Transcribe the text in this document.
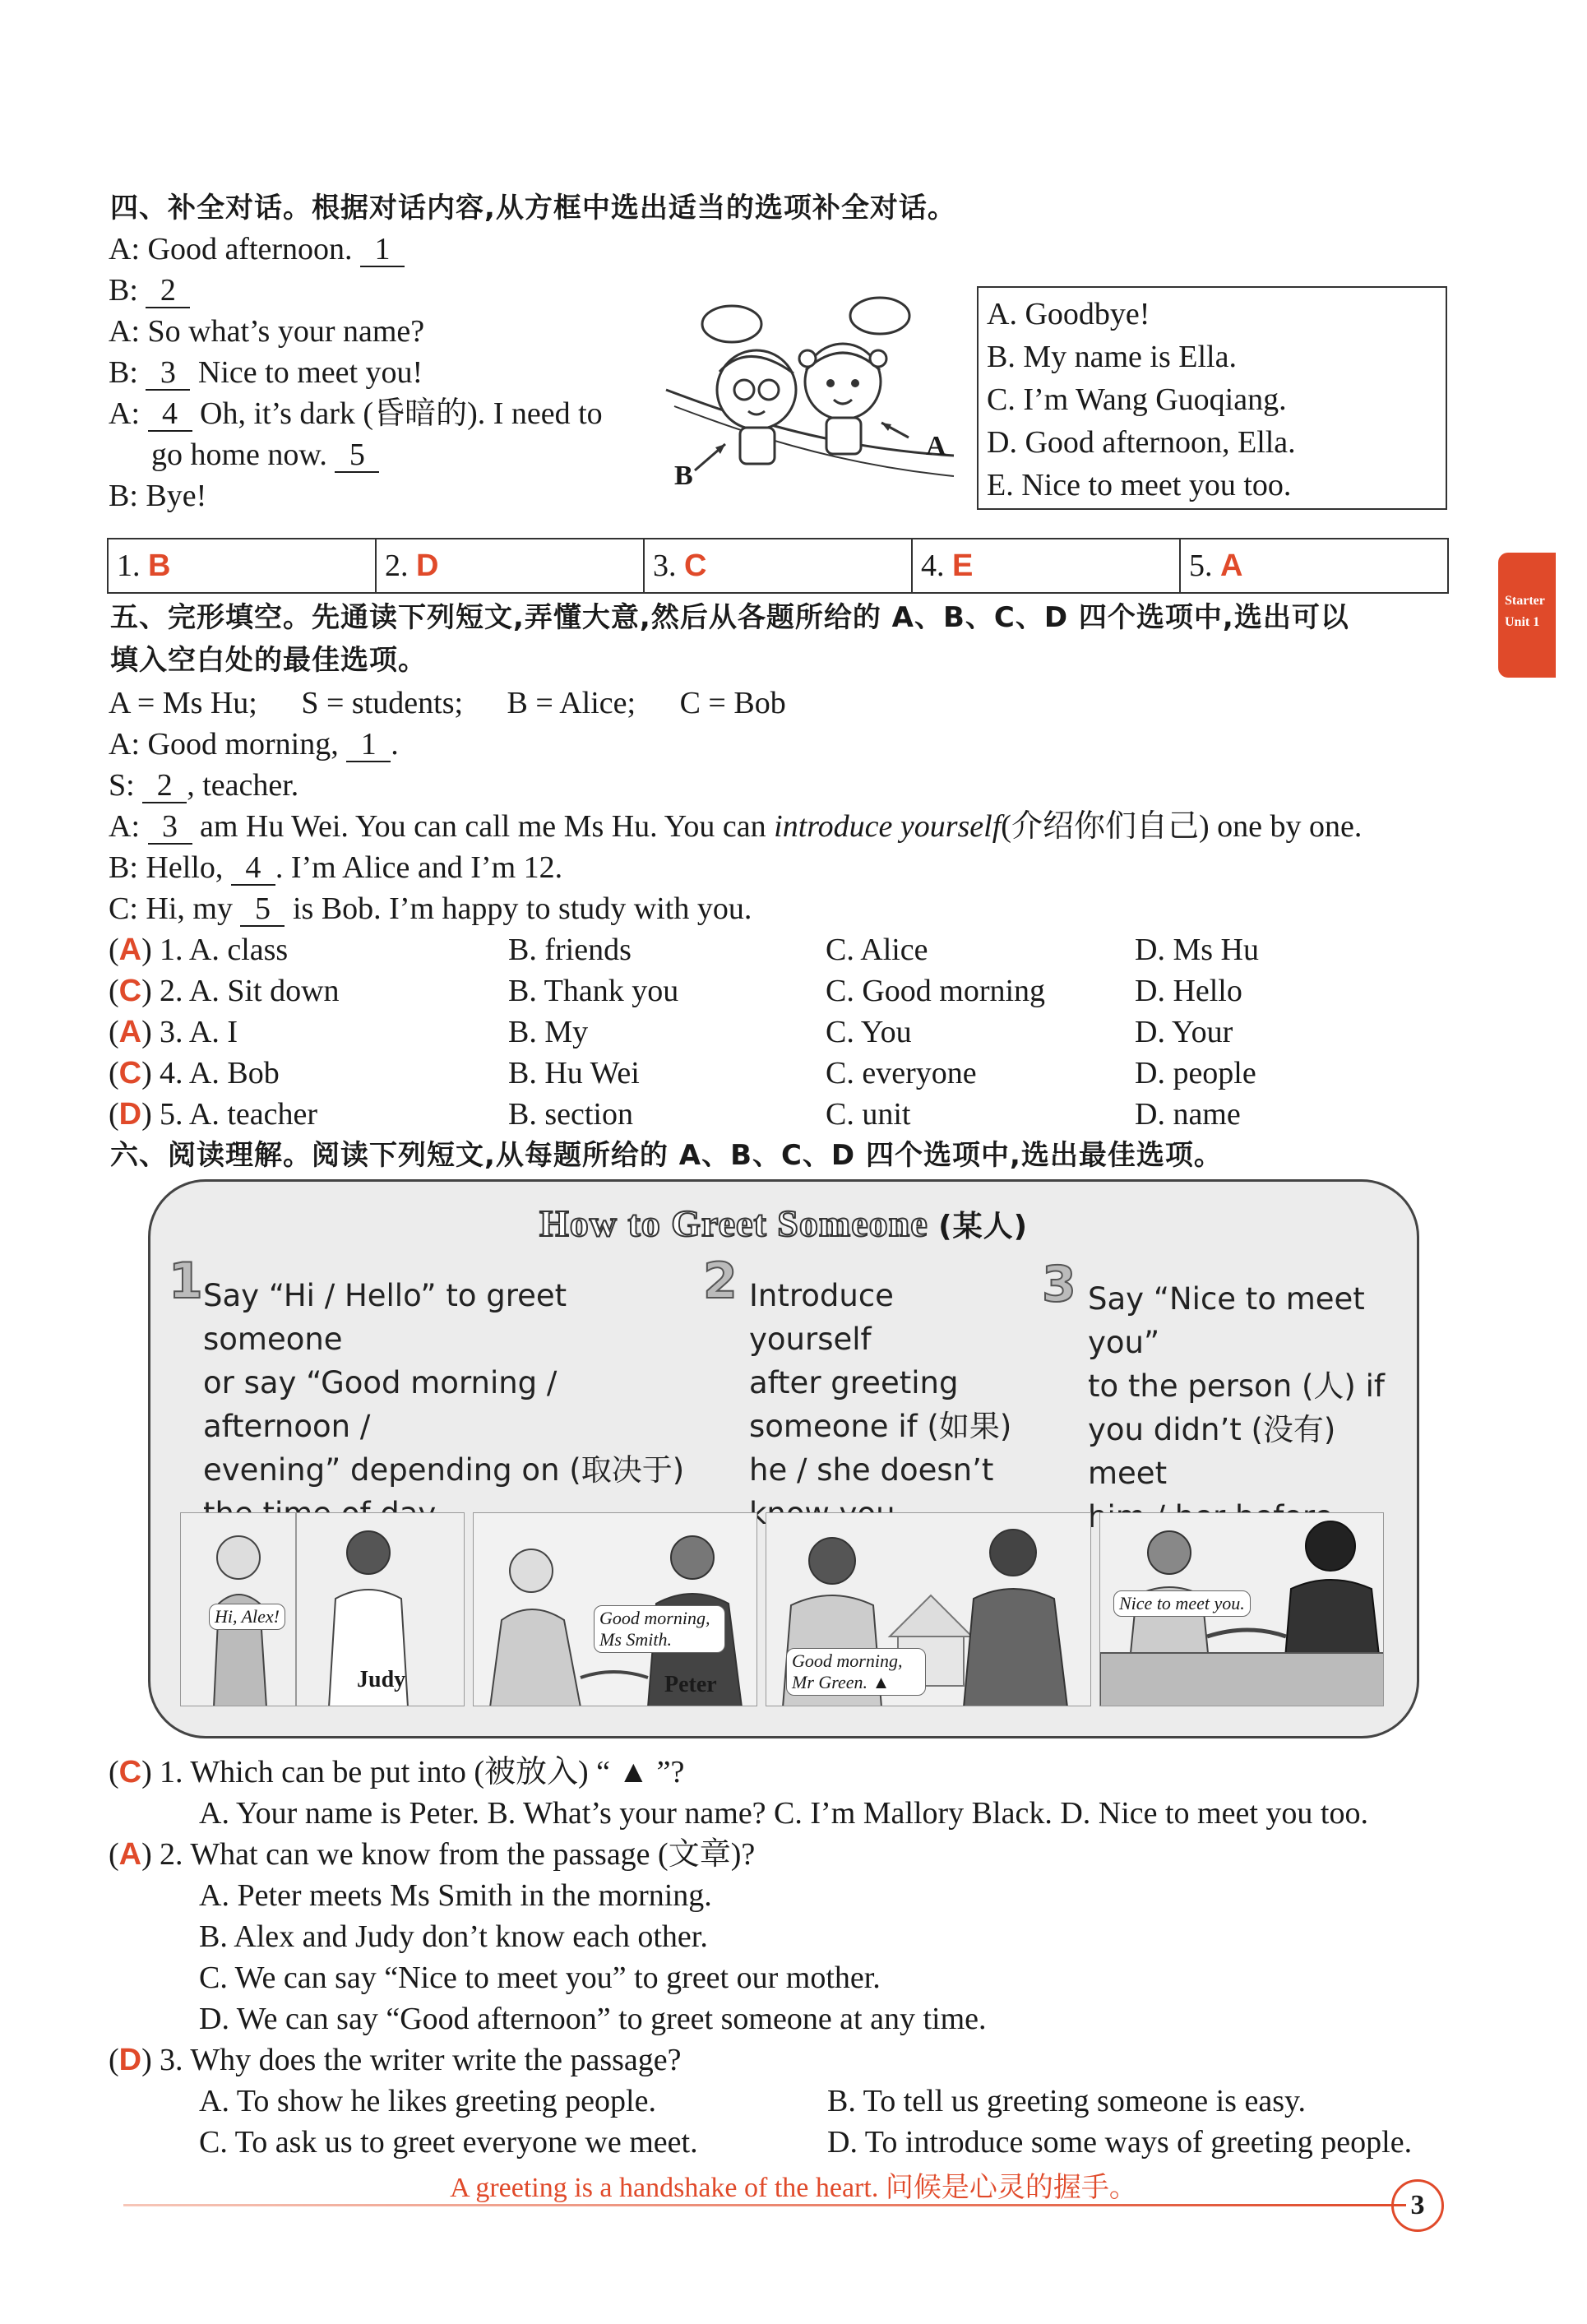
四、补全对话。根据对话内容,从方框中选出适当的选项补全对话。
A: Good afternoon. 1
B: 2
A: So what’s your name?
B: 3 Nice to meet you!
A: 4 Oh, it’s dark (昏暗的). I need to
go home now. 5
B: Bye!
B
A
A. Goodbye!
B. My name is Ella.
C. I’m Wang Guoqiang.
D. Good afternoon, Ella.
E. Nice to meet you too.
1. B	2. D	3. C	4. E	5. A
Starter
Unit 1
五、完形填空。先通读下列短文,弄懂大意,然后从各题所给的 A、B、C、D 四个选项中,选出可以
填入空白处的最佳选项。
A = Ms Hu; S = students; B = Alice; C = Bob
A: Good morning, 1 .
S: 2 , teacher.
A: 3 am Hu Wei. You can call me Ms Hu. You can introduce yourself(介绍你们自己) one by one.
B: Hello, 4 . I’m Alice and I’m 12.
C: Hi, my 5 is Bob. I’m happy to study with you.
(A) 1. A. class	B. friends	C. Alice	D. Ms Hu
(C) 2. A. Sit down	B. Thank you	C. Good morning	D. Hello
(A) 3. A. I	B. My	C. You	D. Your
(C) 4. A. Bob	B. Hu Wei	C. everyone	D. people
(D) 5. A. teacher	B. section	C. unit	D. name
六、阅读理解。阅读下列短文,从每题所给的 A、B、C、D 四个选项中,选出最佳选项。
How to Greet Someone (某人)
1 Say “Hi / Hello” to greet someone
or say “Good morning / afternoon /
evening” depending on (取决于)
2 Introduce yourself
after greeting
someone if (如果)
he / she doesn’t
3 Say “Nice to meet you”
to the person (人) if
you didn’t (没有) meet
Hi, Alex!
Judy
Good morning, Ms Smith.
Peter
Good morning, Mr Green. ▲
Nice to meet you.
(C) 1. Which can be put into (被放入) “ ▲ ”?
A. Your name is Peter. B. What’s your name? C. I’m Mallory Black. D. Nice to meet you too.
(A) 2. What can we know from the passage (文章)?
A. Peter meets Ms Smith in the morning.
B. Alex and Judy don’t know each other.
C. We can say “Nice to meet you” to greet our mother.
D. We can say “Good afternoon” to greet someone at any time.
(D) 3. Why does the writer write the passage?
A. To show he likes greeting people.	B. To tell us greeting someone is easy.
C. To ask us to greet everyone we meet.	D. To introduce some ways of greeting people.
A greeting is a handshake of the heart. 问候是心灵的握手。
3
